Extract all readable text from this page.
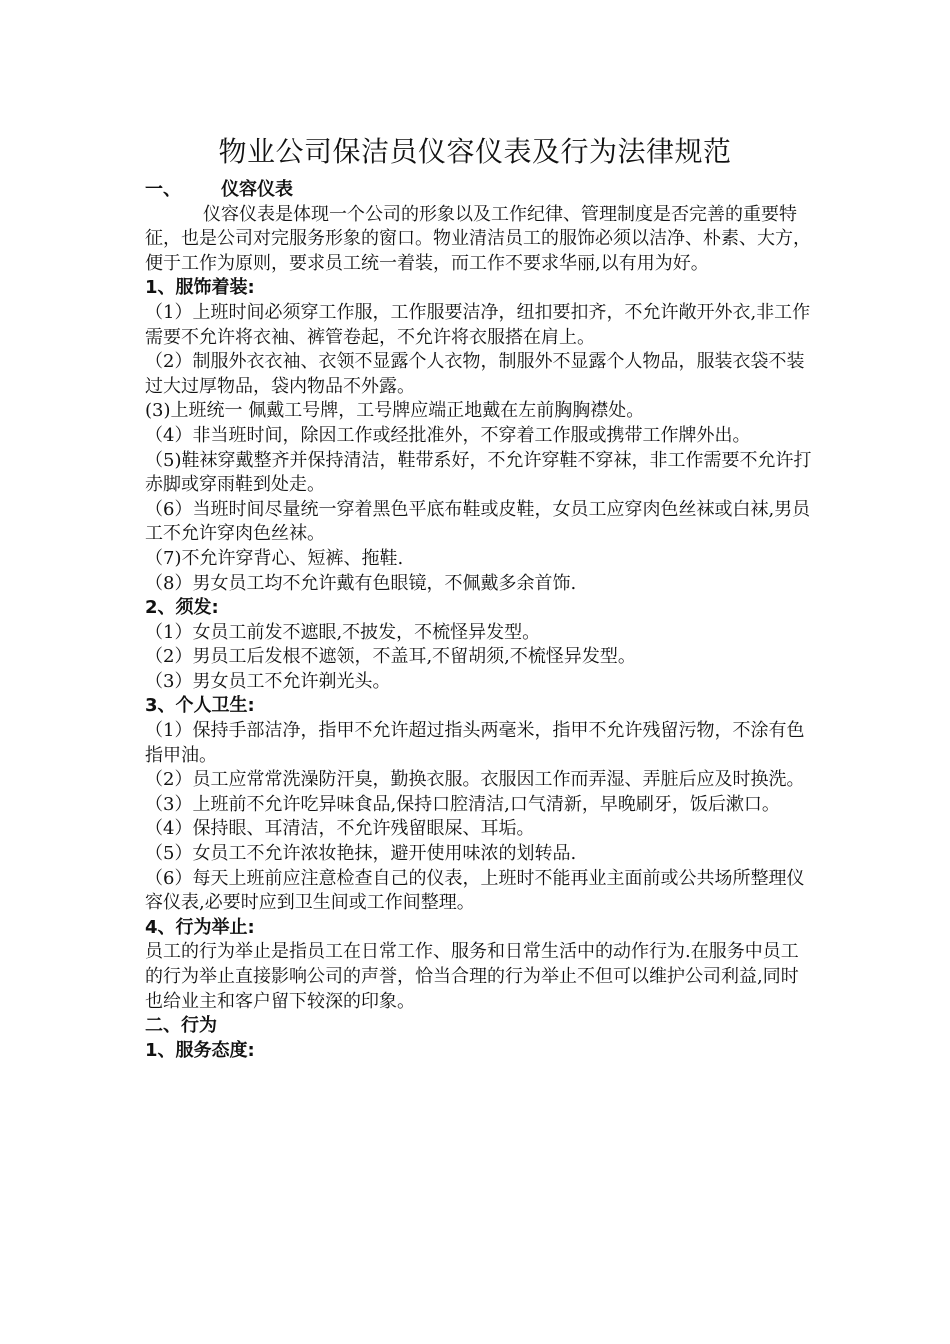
物业公司保洁员仪容仪表及行为法律规范

一、 仪容仪表

仪容仪表是体现一个公司的形象以及工作纪律、管理制度是否完善的重要特征，也是公司对完服务形象的窗口。物业清洁员工的服饰必须以洁净、朴素、大方，便于工作为原则，要求员工统一着装，而工作不要求华丽,以有用为好。

1、服饰着装:

（1）上班时间必须穿工作服，工作服要洁净，纽扣要扣齐，不允许敞开外衣,非工作需要不允许将衣袖、裤管卷起，不允许将衣服搭在肩上。

（2）制服外衣衣袖、衣领不显露个人衣物，制服外不显露个人物品，服装衣袋不装过大过厚物品，袋内物品不外露。

(3)上班统一 佩戴工号牌，工号牌应端正地戴在左前胸胸襟处。

（4）非当班时间，除因工作或经批准外，不穿着工作服或携带工作牌外出。

（5)鞋袜穿戴整齐并保持清洁，鞋带系好，不允许穿鞋不穿袜，非工作需要不允许打赤脚或穿雨鞋到处走。

（6）当班时间尽量统一穿着黑色平底布鞋或皮鞋，女员工应穿肉色丝袜或白袜,男员工不允许穿肉色丝袜。

（7)不允许穿背心、短裤、拖鞋.

（8）男女员工均不允许戴有色眼镜，不佩戴多余首饰.

2、须发:

（1）女员工前发不遮眼,不披发，不梳怪异发型。

（2）男员工后发根不遮领，不盖耳,不留胡须,不梳怪异发型。

（3）男女员工不允许剃光头。

3、个人卫生:

（1）保持手部洁净，指甲不允许超过指头两毫米，指甲不允许残留污物，不涂有色指甲油。

（2）员工应常常洗澡防汗臭，勤换衣服。衣服因工作而弄湿、弄脏后应及时换洗。

（3）上班前不允许吃异味食品,保持口腔清洁,口气清新，早晚刷牙，饭后漱口。

（4）保持眼、耳清洁，不允许残留眼屎、耳垢。

（5）女员工不允许浓妆艳抹，避开使用味浓的划转品.

（6）每天上班前应注意检查自己的仪表，上班时不能再业主面前或公共场所整理仪容仪表,必要时应到卫生间或工作间整理。

4、行为举止:

员工的行为举止是指员工在日常工作、服务和日常生活中的动作行为.在服务中员工的行为举止直接影响公司的声誉，恰当合理的行为举止不但可以维护公司利益,同时也给业主和客户留下较深的印象。

二、行为

1、服务态度:
